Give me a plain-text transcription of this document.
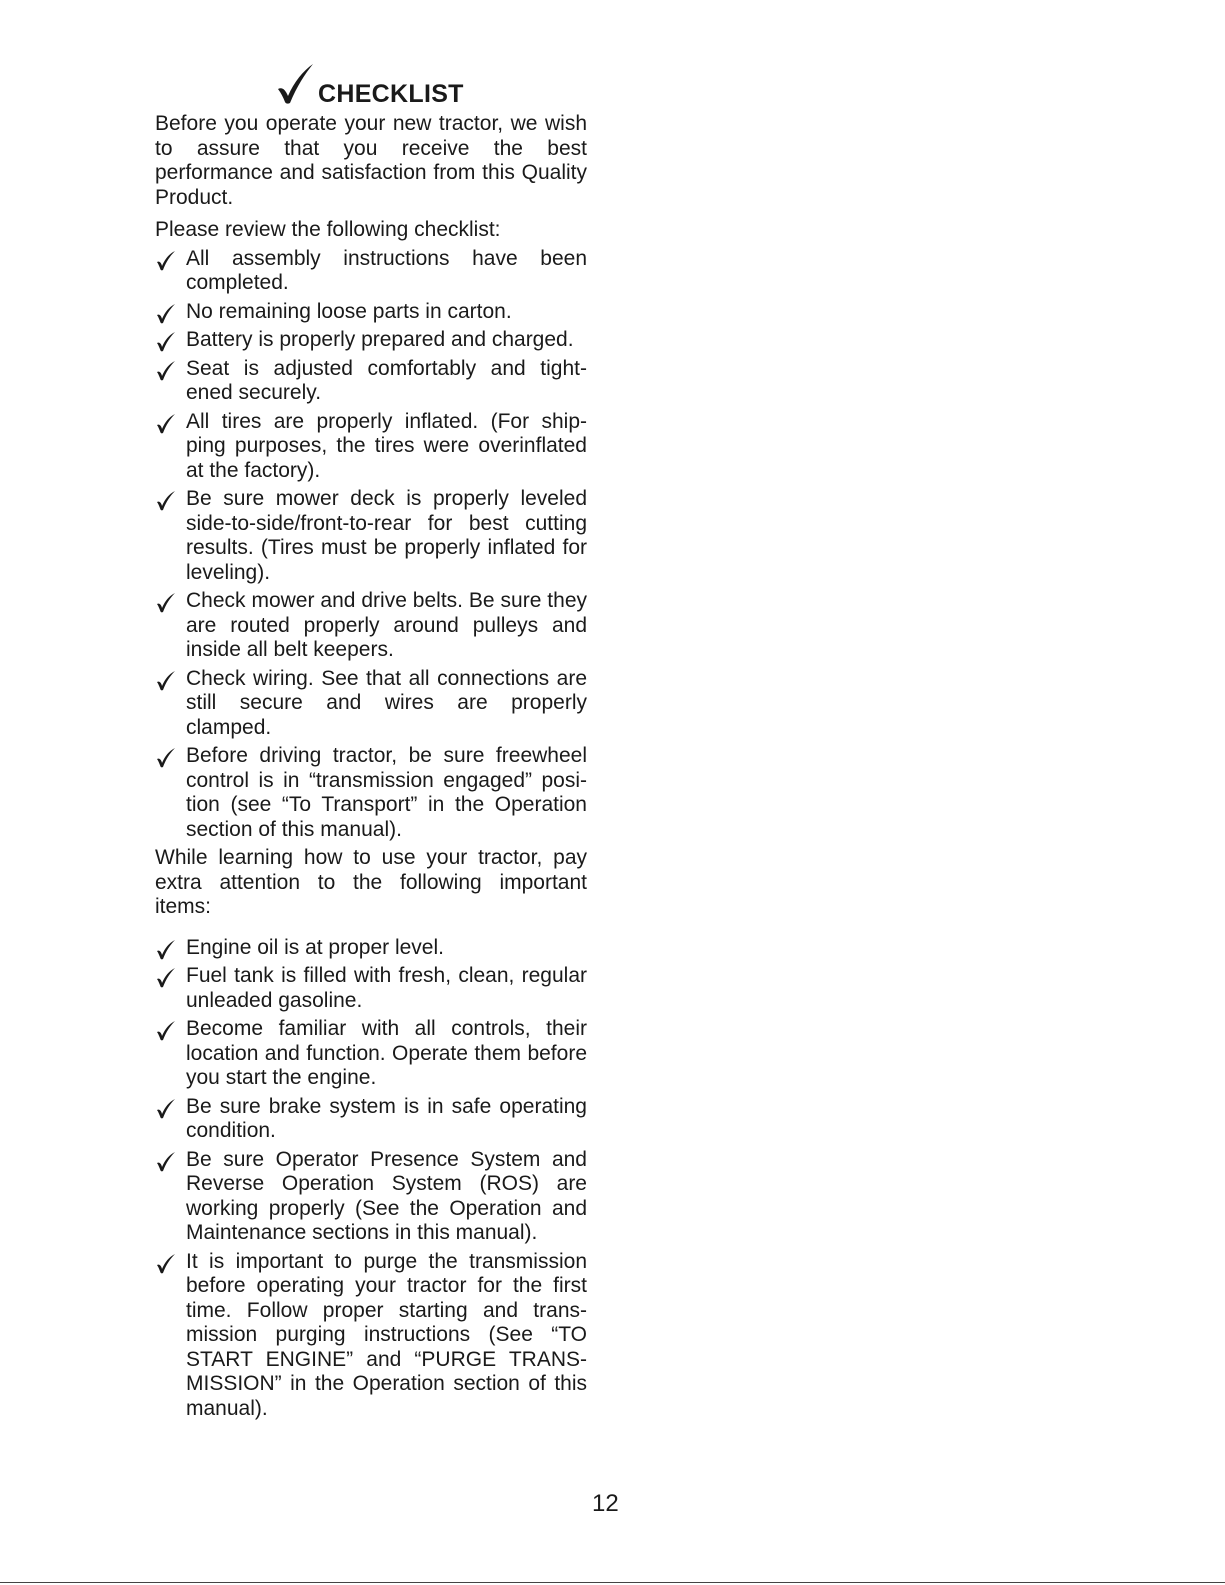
CHECKLIST

Before you operate your new tractor, we wish to assure that you receive the best performance and satisfaction from this Quality Product.

Please review the following checklist:

All assembly instructions have been completed.
No remaining loose parts in carton.
Battery is properly prepared and charged.
Seat is adjusted comfortably and tight-ened securely.
All tires are properly inflated. (For ship-ping purposes, the tires were overinflated at the factory).
Be sure mower deck is properly leveled side-to-side/front-to-rear for best cutting results. (Tires must be properly inflated for leveling).
Check mower and drive belts. Be sure they are routed properly around pulleys and inside all belt keepers.
Check wiring. See that all connections are still secure and wires are properly clamped.
Before driving tractor, be sure freewheel control is in “transmission engaged” posi-tion (see “To Transport” in the Operation section of this manual).

While learning how to use your tractor, pay extra attention to the following important items:

Engine oil is at proper level.
Fuel tank is filled with fresh, clean, regular unleaded gasoline.
Become familiar with all controls, their location and function. Operate them before you start the engine.
Be sure brake system is in safe operating condition.
Be sure Operator Presence System and Reverse Operation System (ROS) are working properly (See the Operation and Maintenance sections in this manual).
It is important to purge the transmission before operating your tractor for the first time. Follow proper starting and trans-mission purging instructions (See “TO START ENGINE” and “PURGE TRANS-MISSION” in the Operation section of this manual).
12
